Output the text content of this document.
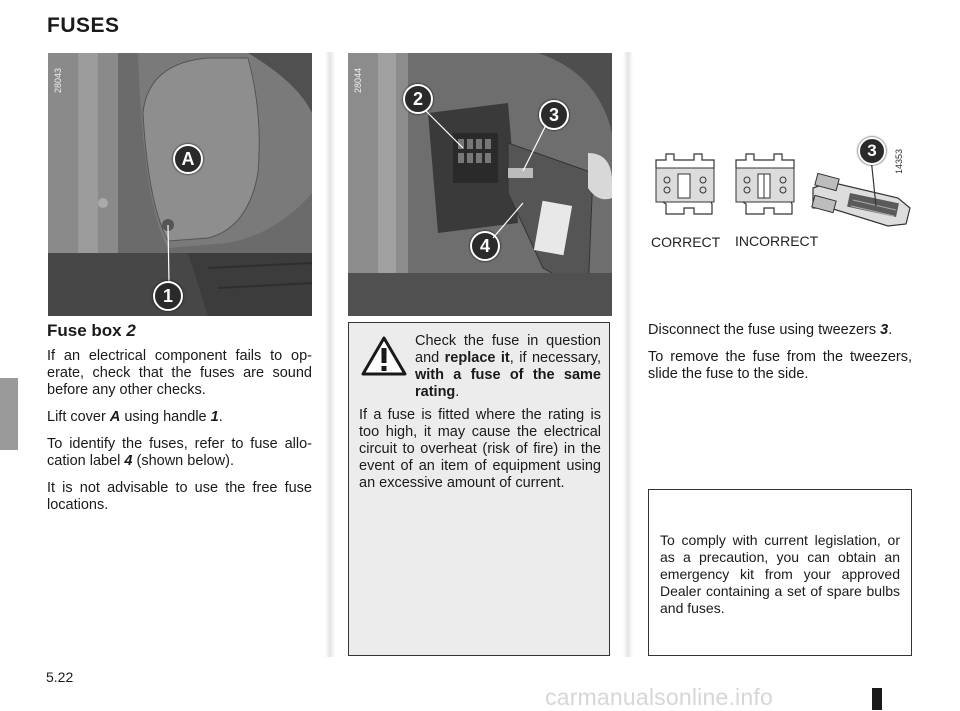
FUSES
28043
A
1
28044
2
3
4
14353
3
CORRECT INCORRECT
Fuse box 2

If an electrical component fails to op-erate, check that the fuses are sound before any other checks.

Lift cover A using handle 1.

To identify the fuses, refer to fuse allo-cation label 4 (shown below).

It is not advisable to use the free fuse locations.

Check the fuse in question and replace it, if necessary, with a fuse of the same rating.
If a fuse is fitted where the rating is too high, it may cause the electrical circuit to overheat (risk of fire) in the event of an item of equipment using an excessive amount of current.

Disconnect the fuse using tweezers 3.

To remove the fuse from the tweezers, slide the fuse to the side.

To comply with current legislation, or as a precaution, you can obtain an emergency kit from your approved Dealer containing a set of spare bulbs and fuses.
5.22
carmanualsonline.info
